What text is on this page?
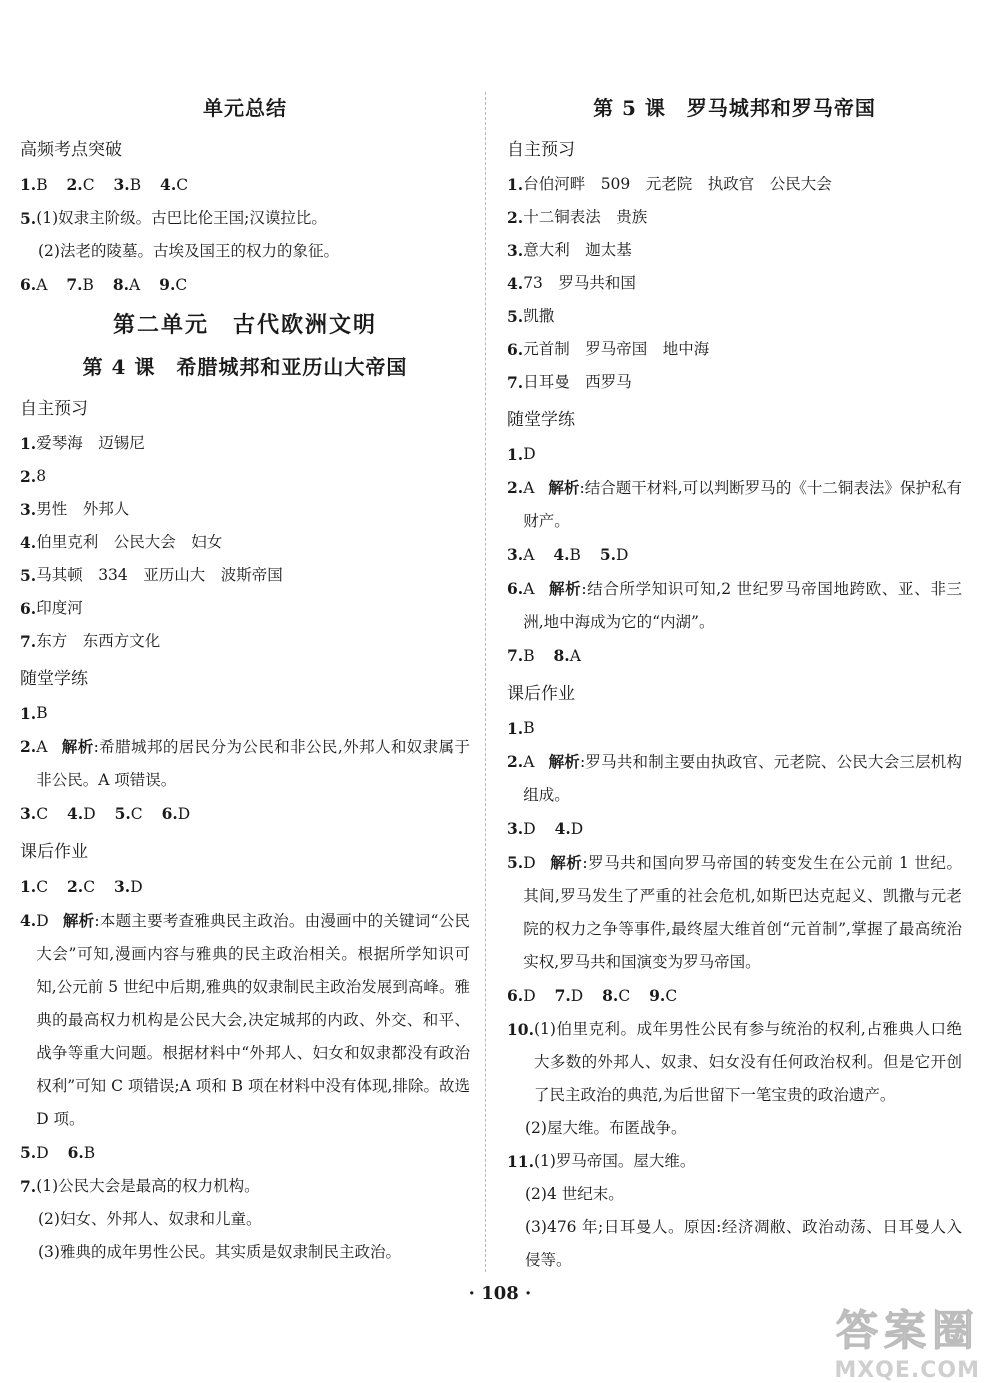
单元总结
高频考点突破
1.B 2.C 3.B 4.C
5. (1)奴隶主阶级。古巴比伦王国;汉谟拉比。
(2)法老的陵墓。古埃及国王的权力的象征。
6.A 7.B 8.A 9.C
第二单元　古代欧洲文明
第 4 课　希腊城邦和亚历山大帝国
自主预习
1. 爱琴海　迈锡尼
2. 8
3. 男性　外邦人
4. 伯里克利　公民大会　妇女
5. 马其顿　334　亚历山大　波斯帝国
6. 印度河
7. 东方　东西方文化
随堂学练
1. B
2. A 解析:希腊城邦的居民分为公民和非公民,外邦人和奴隶属于非公民。A 项错误。
3.C 4.D 5.C 6.D
课后作业
1.C 2.C 3.D
4. D 解析:本题主要考查雅典民主政治。由漫画中的关键词“公民大会”可知,漫画内容与雅典的民主政治相关。根据所学知识可知,公元前 5 世纪中后期,雅典的奴隶制民主政治发展到高峰。雅典的最高权力机构是公民大会,决定城邦的内政、外交、和平、战争等重大问题。根据材料中“外邦人、妇女和奴隶都没有政治权利”可知 C 项错误;A 项和 B 项在材料中没有体现,排除。故选 D 项。
5.D 6.B
7. (1)公民大会是最高的权力机构。
(2)妇女、外邦人、奴隶和儿童。
(3)雅典的成年男性公民。其实质是奴隶制民主政治。
第 5 课　罗马城邦和罗马帝国
自主预习
1. 台伯河畔　509　元老院　执政官　公民大会
2. 十二铜表法　贵族
3. 意大利　迦太基
4. 73　罗马共和国
5. 凯撒
6. 元首制　罗马帝国　地中海
7. 日耳曼　西罗马
随堂学练
1. D
2. A 解析:结合题干材料,可以判断罗马的《十二铜表法》保护私有财产。
3.A 4.B 5.D
6. A 解析:结合所学知识可知,2 世纪罗马帝国地跨欧、亚、非三洲,地中海成为它的“内湖”。
7.B 8.A
课后作业
1. B
2. A 解析:罗马共和制主要由执政官、元老院、公民大会三层机构组成。
3.D 4.D
5. D 解析:罗马共和国向罗马帝国的转变发生在公元前 1 世纪。其间,罗马发生了严重的社会危机,如斯巴达克起义、凯撒与元老院的权力之争等事件,最终屋大维首创“元首制”,掌握了最高统治实权,罗马共和国演变为罗马帝国。
6.D 7.D 8.C 9.C
10. (1)伯里克利。成年男性公民有参与统治的权利,占雅典人口绝大多数的外邦人、奴隶、妇女没有任何政治权利。但是它开创了民主政治的典范,为后世留下一笔宝贵的政治遗产。
(2)屋大维。布匿战争。
11. (1)罗马帝国。屋大维。
(2)4 世纪末。
(3)476 年;日耳曼人。原因:经济凋敝、政治动荡、日耳曼人入侵等。
· 108 ·
答案圈
MXQE.COM
